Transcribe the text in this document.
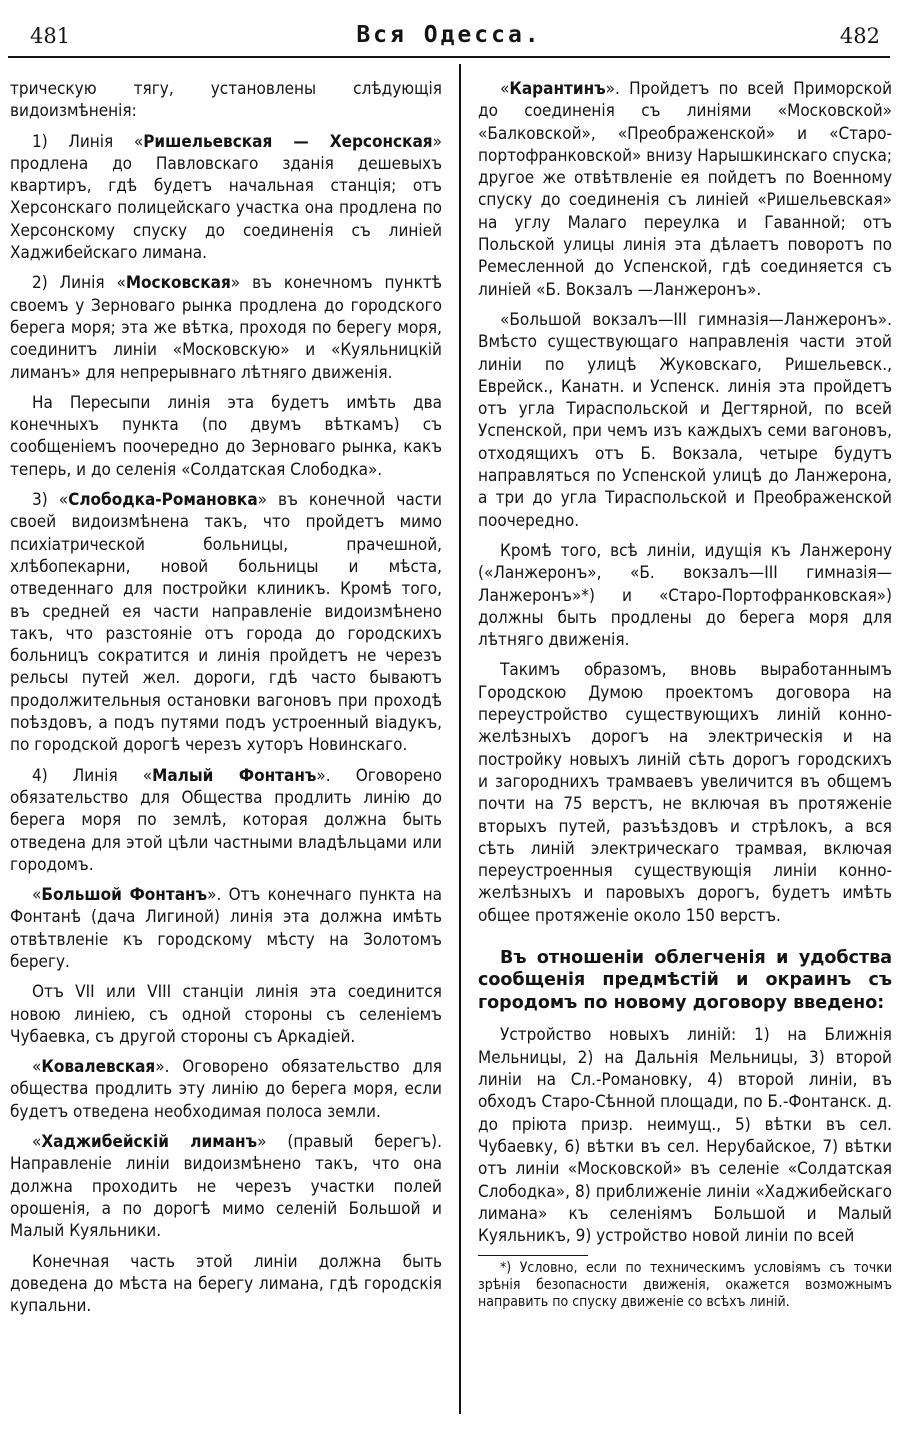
481	Вся Одесса.	482

трическую тягу, установлены слѣдующія видоизмѣненія:

1) Линія «Ришельевская — Херсонская» продлена до Павловскаго зданія дешевыхъ квартиръ, гдѣ будетъ начальная станція; отъ Херсонскаго полицейскаго участка она продлена по Херсонскому спуску до соединенія съ линіей Хаджибейскаго лимана.

2) Линія «Московская» въ конечномъ пунктѣ своемъ у Зерноваго рынка продлена до городского берега моря; эта же вѣтка, проходя по берегу моря, соединитъ линіи «Московскую» и «Куяльницкій лиманъ» для непрерывнаго лѣтняго движенія.

На Пересыпи линія эта будетъ имѣть два конечныхъ пункта (по двумъ вѣткамъ) съ сообщеніемъ поочередно до Зерноваго рынка, какъ теперь, и до селенія «Солдатская Слободка».

3) «Слободка-Романовка» въ конечной части своей видоизмѣнена такъ, что пройдетъ мимо психіатрической больницы, прачешной, хлѣбопекарни, новой больницы и мѣста, отведеннаго для постройки клиникъ. Кромѣ того, въ средней ея части направленіе видоизмѣнено такъ, что разстояніе отъ города до городскихъ больницъ сократится и линія пройдетъ не черезъ рельсы путей жел. дороги, гдѣ часто бываютъ продолжительныя остановки вагоновъ при проходѣ поѣздовъ, а подъ путями подъ устроенный віадукъ, по городской дорогѣ черезъ хуторъ Новинскаго.

4) Линія «Малый Фонтанъ». Оговорено обязательство для Общества продлить линію до берега моря по землѣ, которая должна быть отведена для этой цѣли частными владѣльцами или городомъ.

«Большой Фонтанъ». Отъ конечнаго пункта на Фонтанѣ (дача Лигиной) линія эта должна имѣть отвѣтвленіе къ городскому мѣсту на Золотомъ берегу.

Отъ VII или VIII станціи линія эта соединится новою линіею, съ одной стороны съ селеніемъ Чубаевка, съ другой стороны съ Аркадіей.

«Ковалевская». Оговорено обязательство для общества продлить эту линію до берега моря, если будетъ отведена необходимая полоса земли.

«Хаджибейскій лиманъ» (правый берегъ). Направленіе линіи видоизмѣнено такъ, что она должна проходить не черезъ участки полей орошенія, а по дорогѣ мимо селеній Большой и Малый Куяльники.

Конечная часть этой линіи должна быть доведена до мѣста на берегу лимана, гдѣ городскія купальни.

«Карантинъ». Пройдетъ по всей Приморской до соединенія съ линіями «Московской» «Балковской», «Преображенской» и «Старо-портофранковской» внизу Нарышкинскаго спуска; другое же отвѣтвленіе ея пойдетъ по Военному спуску до соединенія съ линіей «Ришельевская» на углу Малаго переулка и Гаванной; отъ Польской улицы линія эта дѣлаетъ поворотъ по Ремесленной до Успенской, гдѣ соединяется съ линіей «Б. Вокзалъ —Ланжеронъ».

«Большой вокзалъ—III гимназія—Ланжеронъ». Вмѣсто существующаго направленія части этой линіи по улицѣ Жуковскаго, Ришельевск., Еврейск., Канатн. и Успенск. линія эта пройдетъ отъ угла Тираспольской и Дегтярной, по всей Успенской, при чемъ изъ каждыхъ семи вагоновъ, отходящихъ отъ Б. Вокзала, четыре будутъ направляться по Успенской улицѣ до Ланжерона, а три до угла Тираспольской и Преображенской поочередно.

Кромѣ того, всѣ линіи, идущія къ Ланжерону («Ланжеронъ», «Б. вокзалъ—III гимназія—Ланжеронъ»*) и «Старо-Портофранковская») должны быть продлены до берега моря для лѣтняго движенія.

Такимъ образомъ, вновь выработаннымъ Городскою Думою проектомъ договора на переустройство существующихъ линій конно-желѣзныхъ дорогъ на электрическія и на постройку новыхъ линій сѣть дорогъ городскихъ и загороднихъ трамваевъ увеличится въ общемъ почти на 75 верстъ, не включая въ протяженіе вторыхъ путей, разъѣздовъ и стрѣлокъ, а вся сѣть линій электрическаго трамвая, включая переустроенныя существующія линіи конно-желѣзныхъ и паровыхъ дорогъ, будетъ имѣть общее протяженіе около 150 верстъ.

Въ отношеніи облегченія и удобства сообщенія предмѣстій и окраинъ съ городомъ по новому договору введено:

Устройство новыхъ линій: 1) на Ближнія Мельницы, 2) на Дальнія Мельницы, 3) второй линіи на Сл.-Романовку, 4) второй линіи, въ обходъ Старо-Сѣнной площади, по Б.-Фонтанск. д. до пріюта призр. неимущ., 5) вѣтки въ сел. Чубаевку, 6) вѣтки въ сел. Нерубайское, 7) вѣтки отъ линіи «Московской» въ селеніе «Солдатская Слободка», 8) приближеніе линіи «Хаджибейскаго лимана» къ селеніямъ Большой и Малый Куяльникъ, 9) устройство новой линіи по всей

*) Условно, если по техническимъ условіямъ съ точки зрѣнія безопасности движенія, окажется возможнымъ направить по спуску движеніе со всѣхъ линій.
